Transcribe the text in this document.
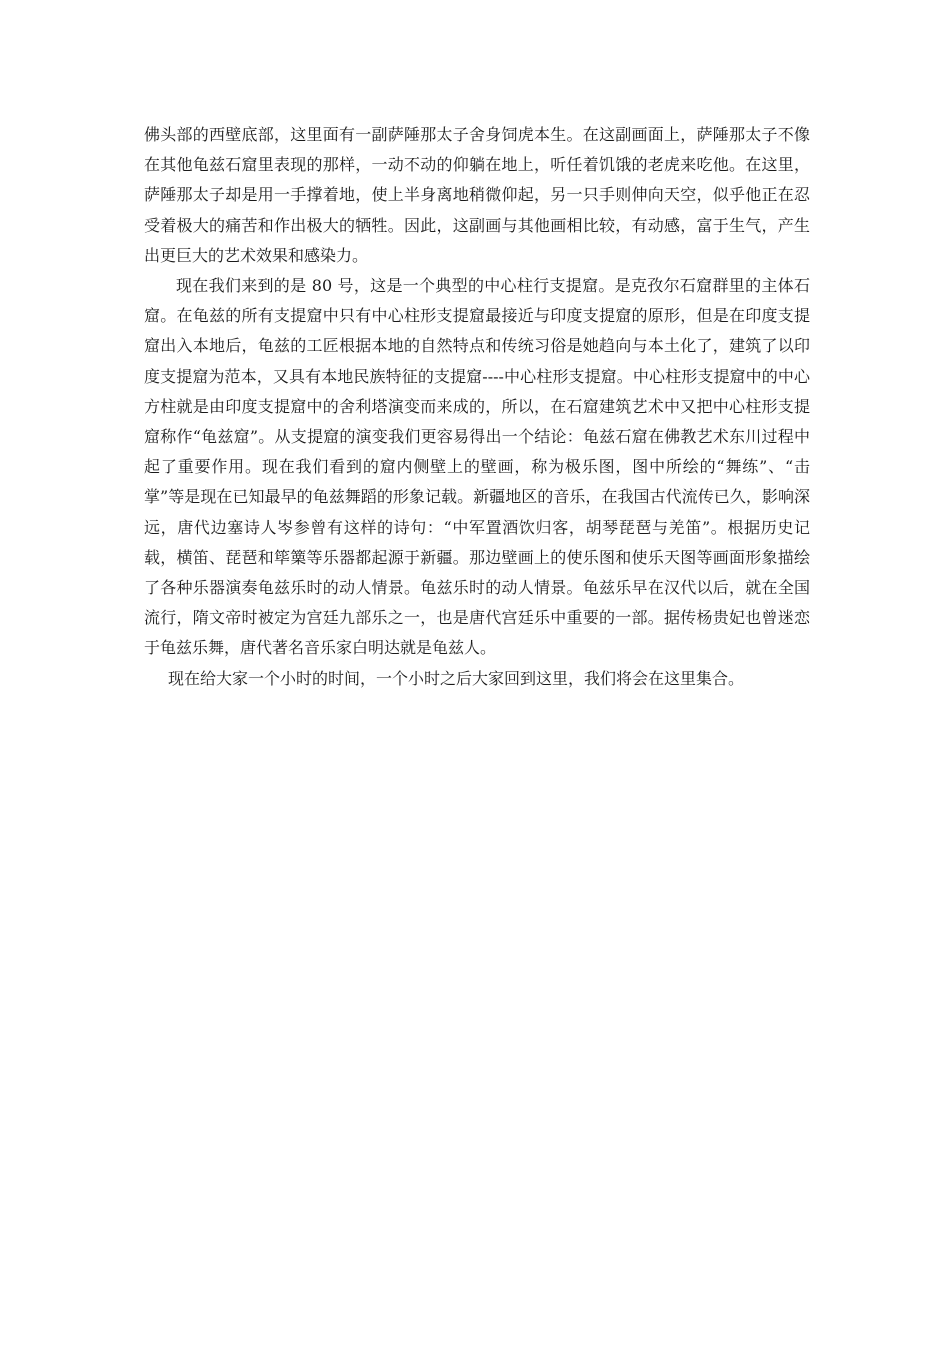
佛头部的西壁底部，这里面有一副萨陲那太子舍身饲虎本生。在这副画面上，萨陲那太子不像在其他龟兹石窟里表现的那样，一动不动的仰躺在地上，听任着饥饿的老虎来吃他。在这里，萨陲那太子却是用一手撑着地，使上半身离地稍微仰起，另一只手则伸向天空，似乎他正在忍受着极大的痛苦和作出极大的牺牲。因此，这副画与其他画相比较，有动感，富于生气，产生出更巨大的艺术效果和感染力。

现在我们来到的是 80 号，这是一个典型的中心柱行支提窟。是克孜尔石窟群里的主体石窟。在龟兹的所有支提窟中只有中心柱形支提窟最接近与印度支提窟的原形，但是在印度支提窟出入本地后，龟兹的工匠根据本地的自然特点和传统习俗是她趋向与本土化了，建筑了以印度支提窟为范本，又具有本地民族特征的支提窟----中心柱形支提窟。中心柱形支提窟中的中心方柱就是由印度支提窟中的舍利塔演变而来成的，所以，在石窟建筑艺术中又把中心柱形支提窟称作“龟兹窟”。从支提窟的演变我们更容易得出一个结论：龟兹石窟在佛教艺术东川过程中起了重要作用。现在我们看到的窟内侧壁上的壁画，称为极乐图，图中所绘的“舞练”、“击掌”等是现在已知最早的龟兹舞蹈的形象记载。新疆地区的音乐，在我国古代流传已久，影响深远，唐代边塞诗人岑参曾有这样的诗句：“中军置酒饮归客，胡琴琵琶与羌笛”。根据历史记载，横笛、琵琶和筚篥等乐器都起源于新疆。那边壁画上的使乐图和使乐天图等画面形象描绘了各种乐器演奏龟兹乐时的动人情景。龟兹乐时的动人情景。龟兹乐早在汉代以后，就在全国流行，隋文帝时被定为宫廷九部乐之一，也是唐代宫廷乐中重要的一部。据传杨贵妃也曾迷恋于龟兹乐舞，唐代著名音乐家白明达就是龟兹人。

现在给大家一个小时的时间，一个小时之后大家回到这里，我们将会在这里集合。
